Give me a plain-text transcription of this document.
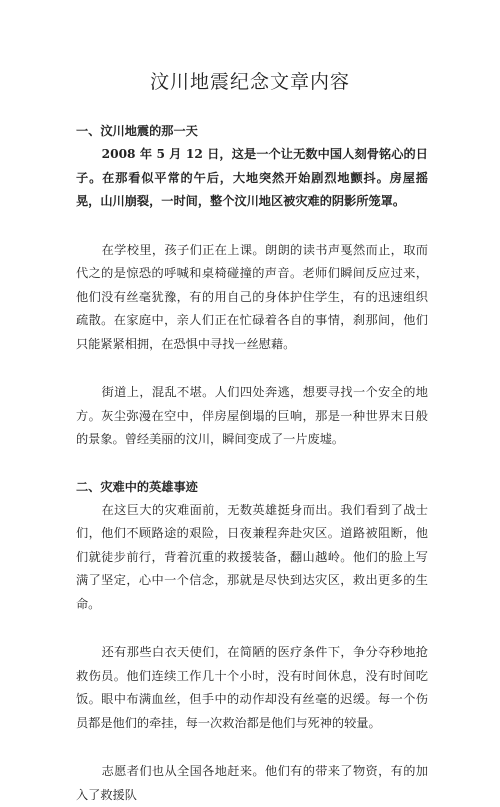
汶川地震纪念文章内容
一、汶川地震的那一天

2008 年 5 月 12 日，这是一个让无数中国人刻骨铭心的日子。在那看似平常的午后，大地突然开始剧烈地颤抖。房屋摇晃，山川崩裂，一时间，整个汶川地区被灾难的阴影所笼罩。

在学校里，孩子们正在上课。朗朗的读书声戛然而止，取而代之的是惊恐的呼喊和桌椅碰撞的声音。老师们瞬间反应过来，他们没有丝毫犹豫，有的用自己的身体护住学生，有的迅速组织疏散。在家庭中，亲人们正在忙碌着各自的事情，刹那间，他们只能紧紧相拥，在恐惧中寻找一丝慰藉。

街道上，混乱不堪。人们四处奔逃，想要寻找一个安全的地方。灰尘弥漫在空中，伴房屋倒塌的巨响，那是一种世界末日般的景象。曾经美丽的汶川，瞬间变成了一片废墟。

二、灾难中的英雄事迹

在这巨大的灾难面前，无数英雄挺身而出。我们看到了战士们，他们不顾路途的艰险，日夜兼程奔赴灾区。道路被阻断，他们就徒步前行，背着沉重的救援装备，翻山越岭。他们的脸上写满了坚定，心中一个信念，那就是尽快到达灾区，救出更多的生命。

还有那些白衣天使们，在简陋的医疗条件下，争分夺秒地抢救伤员。他们连续工作几十个小时，没有时间休息，没有时间吃饭。眼中布满血丝，但手中的动作却没有丝毫的迟缓。每一个伤员都是他们的牵挂，每一次救治都是他们与死神的较量。

志愿者们也从全国各地赶来。他们有的带来了物资，有的加入了救援队
